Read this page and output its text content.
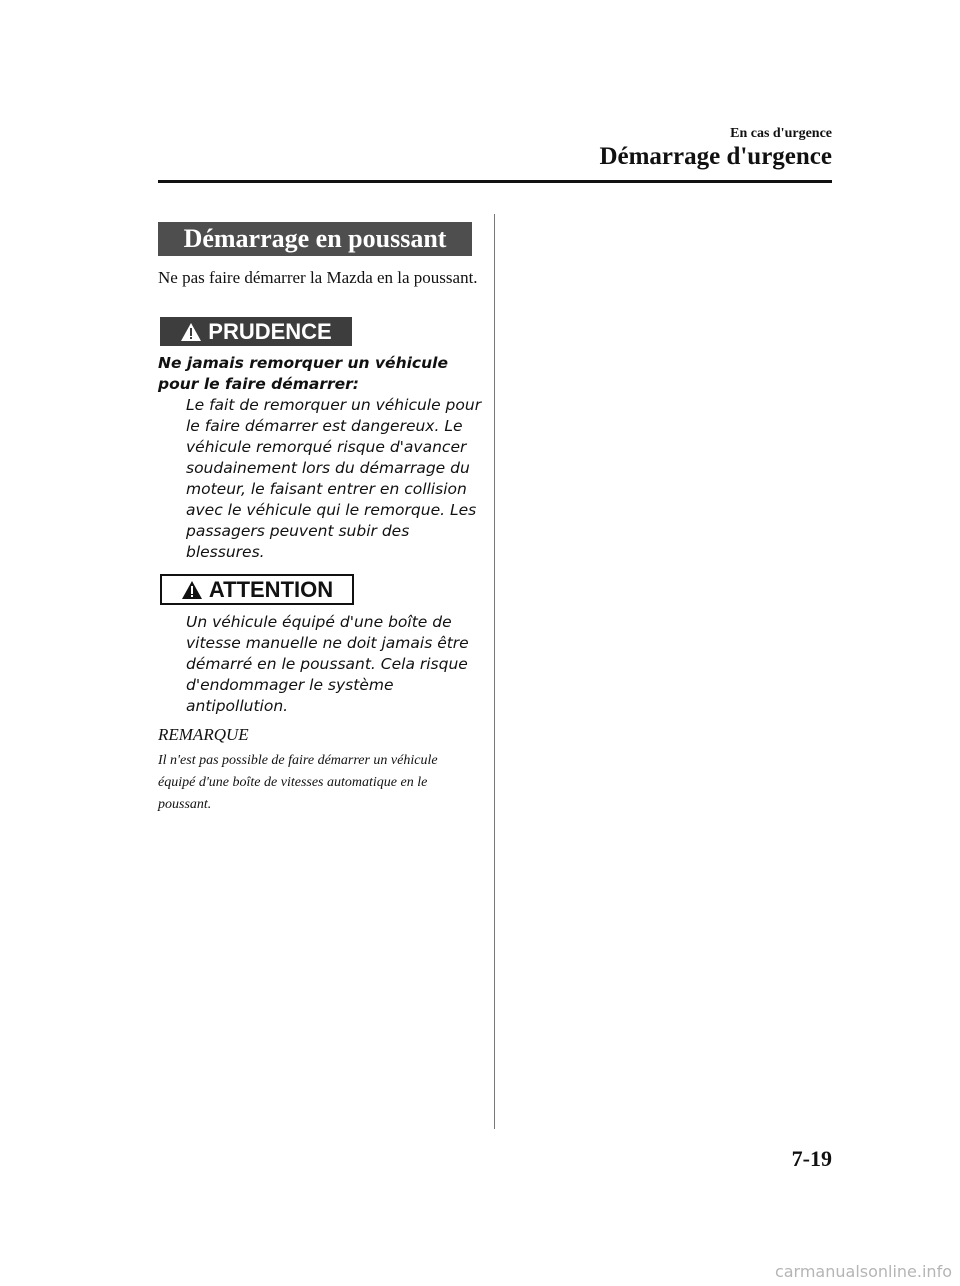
En cas d'urgence
Démarrage d'urgence
Démarrage en poussant
Ne pas faire démarrer la Mazda en la poussant.
PRUDENCE
Ne jamais remorquer un véhicule pour le faire démarrer:
Le fait de remorquer un véhicule pour le faire démarrer est dangereux. Le véhicule remorqué risque d'avancer soudainement lors du démarrage du moteur, le faisant entrer en collision avec le véhicule qui le remorque. Les passagers peuvent subir des blessures.
ATTENTION
Un véhicule équipé d'une boîte de vitesse manuelle ne doit jamais être démarré en le poussant. Cela risque d'endommager le système antipollution.
REMARQUE
Il n'est pas possible de faire démarrer un véhicule équipé d'une boîte de vitesses automatique en le poussant.
7-19
carmanualsonline.info
